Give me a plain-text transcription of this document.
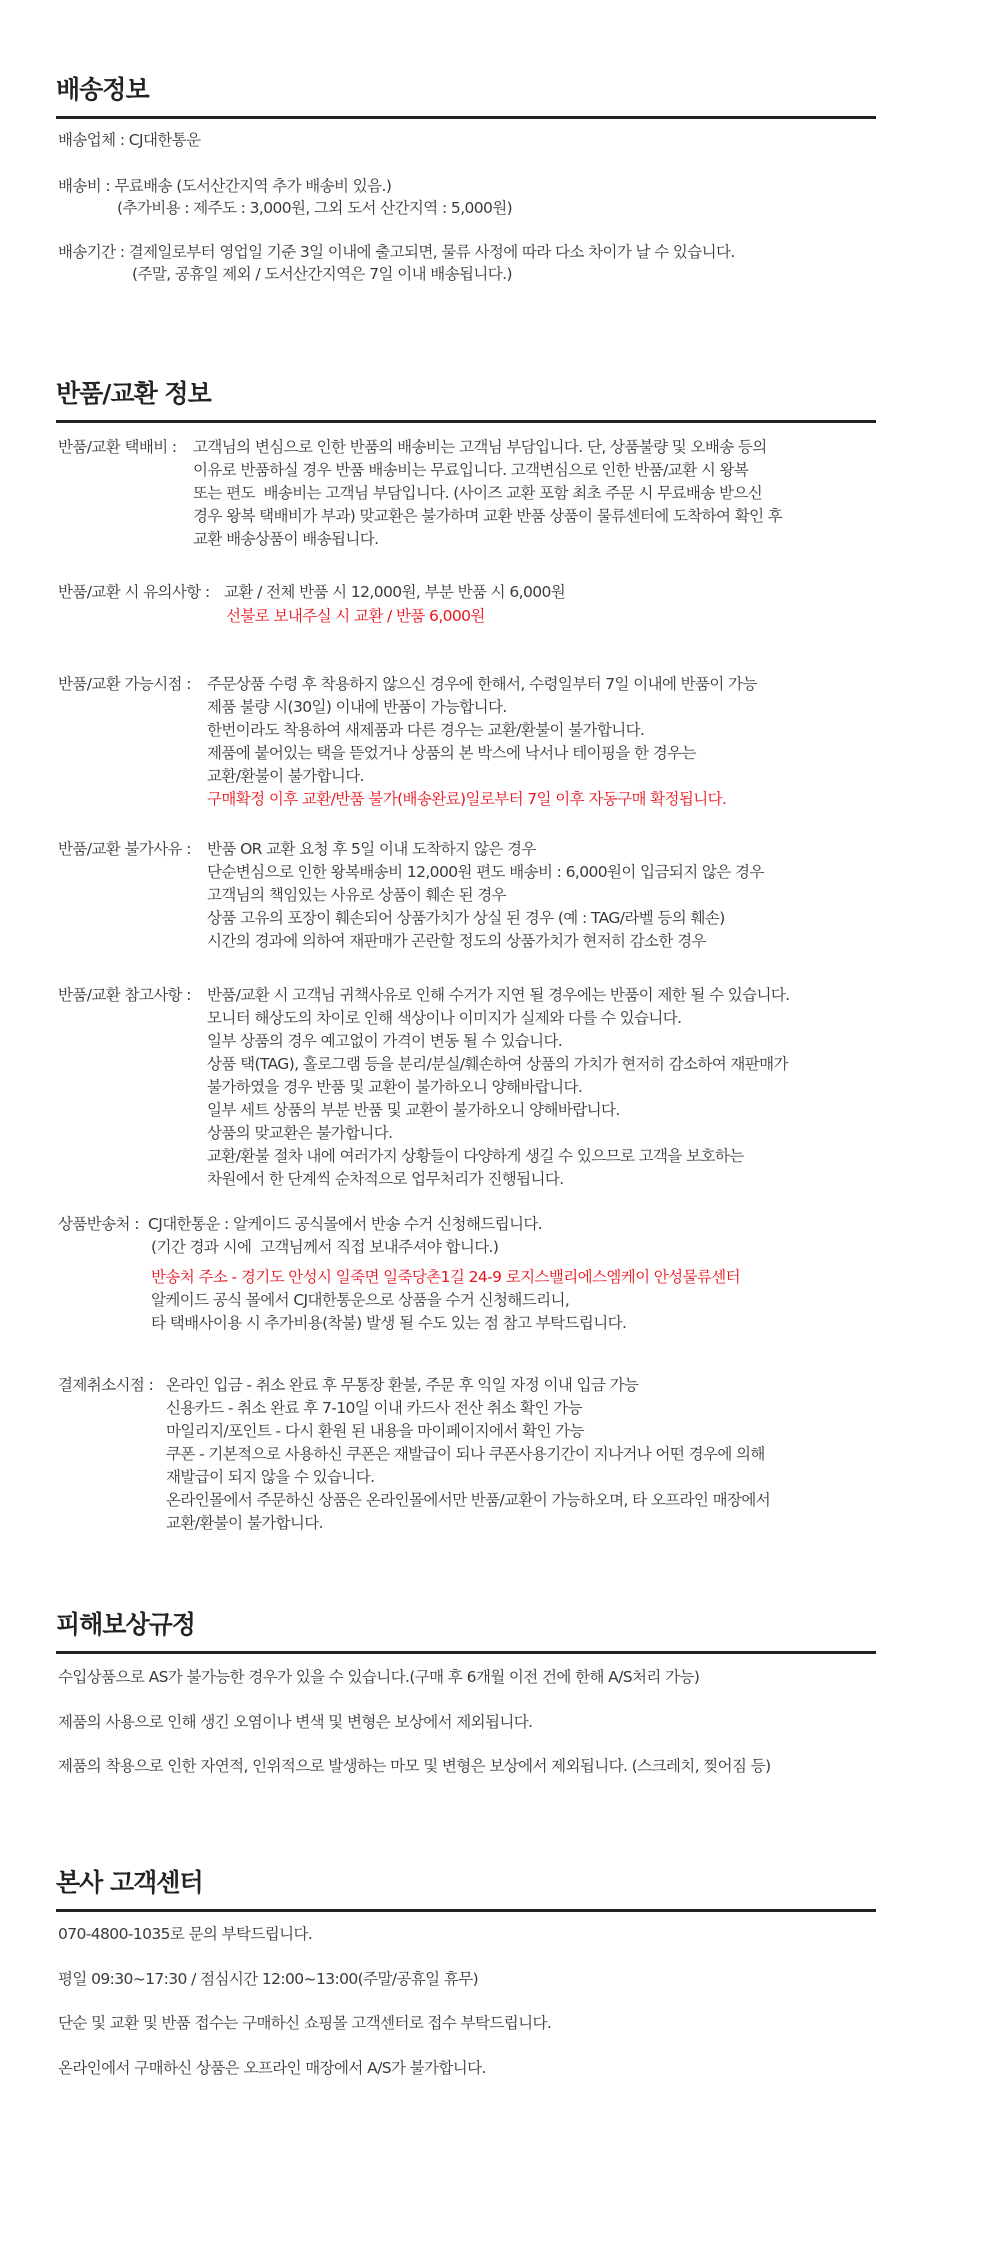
배송정보

배송업체 : CJ대한통운

배송비 : 무료배송 (도서산간지역 추가 배송비 있음.)

(추가비용 : 제주도 : 3,000원, 그외 도서 산간지역 : 5,000원)

배송기간 : 결제일로부터 영업일 기준 3일 이내에 출고되면, 물류 사정에 따라 다소 차이가 날 수 있습니다.

(주말, 공휴일 제외 / 도서산간지역은 7일 이내 배송됩니다.)

반품/교환 정보

반품/교환 택배비 : 고객님의 변심으로 인한 반품의 배송비는 고객님 부담입니다. 단, 상품불량 및 오배송 등의

이유로 반품하실 경우 반품 배송비는 무료입니다. 고객변심으로 인한 반품/교환 시 왕복

또는 편도  배송비는 고객님 부담입니다. (사이즈 교환 포함 최초 주문 시 무료배송 받으신

경우 왕복 택배비가 부과) 맞교환은 불가하며 교환 반품 상품이 물류센터에 도착하여 확인 후

교환 배송상품이 배송됩니다.

반품/교환 시 유의사항 : 교환 / 전체 반품 시 12,000원, 부분 반품 시 6,000원

선불로 보내주실 시 교환 / 반품 6,000원

반품/교환 가능시점 : 주문상품 수령 후 착용하지 않으신 경우에 한해서, 수령일부터 7일 이내에 반품이 가능

제품 불량 시(30일) 이내에 반품이 가능합니다.

한번이라도 착용하여 새제품과 다른 경우는 교환/환불이 불가합니다.

제품에 붙어있는 택을 뜯었거나 상품의 본 박스에 낙서나 테이핑을 한 경우는

교환/환불이 불가합니다.

구매확정 이후 교환/반품 불가(배송완료)일로부터 7일 이후 자동구매 확정됩니다.

반품/교환 불가사유 : 반품 OR 교환 요청 후 5일 이내 도착하지 않은 경우

단순변심으로 인한 왕복배송비 12,000원 편도 배송비 : 6,000원이 입금되지 않은 경우

고객님의 책임있는 사유로 상품이 훼손 된 경우

상품 고유의 포장이 훼손되어 상품가치가 상실 된 경우 (예 : TAG/라벨 등의 훼손)

시간의 경과에 의하여 재판매가 곤란할 정도의 상품가치가 현저히 감소한 경우

반품/교환 참고사항 : 반품/교환 시 고객님 귀책사유로 인해 수거가 지연 될 경우에는 반품이 제한 될 수 있습니다.

모니터 해상도의 차이로 인해 색상이나 이미지가 실제와 다를 수 있습니다.

일부 상품의 경우 예고없이 가격이 변동 될 수 있습니다.

상품 택(TAG), 홀로그램 등을 분리/분실/훼손하여 상품의 가치가 현저히 감소하여 재판매가

불가하였을 경우 반품 및 교환이 불가하오니 양해바랍니다.

일부 세트 상품의 부분 반품 및 교환이 불가하오니 양해바랍니다.

상품의 맞교환은 불가합니다.

교환/환불 절차 내에 여러가지 상황들이 다양하게 생길 수 있으므로 고객을 보호하는

차원에서 한 단계씩 순차적으로 업무처리가 진행됩니다.

상품반송처 : CJ대한통운 : 알케이드 공식몰에서 반송 수거 신청해드립니다.

(기간 경과 시에  고객님께서 직접 보내주셔야 합니다.)

반송처 주소 - 경기도 안성시 일죽면 일죽당촌1길 24-9 로지스밸리에스엠케이 안성물류센터

알케이드 공식 몰에서 CJ대한통운으로 상품을 수거 신청해드리니,

타 택배사이용 시 추가비용(착불) 발생 될 수도 있는 점 참고 부탁드립니다.

결제취소시점 : 온라인 입금 - 취소 완료 후 무통장 환불, 주문 후 익일 자정 이내 입금 가능

신용카드 - 취소 완료 후 7-10일 이내 카드사 전산 취소 확인 가능

마일리지/포인트 - 다시 환원 된 내용을 마이페이지에서 확인 가능

쿠폰 - 기본적으로 사용하신 쿠폰은 재발급이 되나 쿠폰사용기간이 지나거나 어떤 경우에 의해

재발급이 되지 않을 수 있습니다.

온라인몰에서 주문하신 상품은 온라인몰에서만 반품/교환이 가능하오며, 타 오프라인 매장에서

교환/환불이 불가합니다.

피해보상규정

수입상품으로 AS가 불가능한 경우가 있을 수 있습니다.(구매 후 6개월 이전 건에 한해 A/S처리 가능)

제품의 사용으로 인해 생긴 오염이나 변색 및 변형은 보상에서 제외됩니다.

제품의 착용으로 인한 자연적, 인위적으로 발생하는 마모 및 변형은 보상에서 제외됩니다. (스크레치, 찢어짐 등)

본사 고객센터

070-4800-1035로 문의 부탁드립니다.

평일 09:30~17:30 / 점심시간 12:00~13:00(주말/공휴일 휴무)

단순 및 교환 및 반품 접수는 구매하신 쇼핑몰 고객센터로 접수 부탁드립니다.

온라인에서 구매하신 상품은 오프라인 매장에서 A/S가 불가합니다.
